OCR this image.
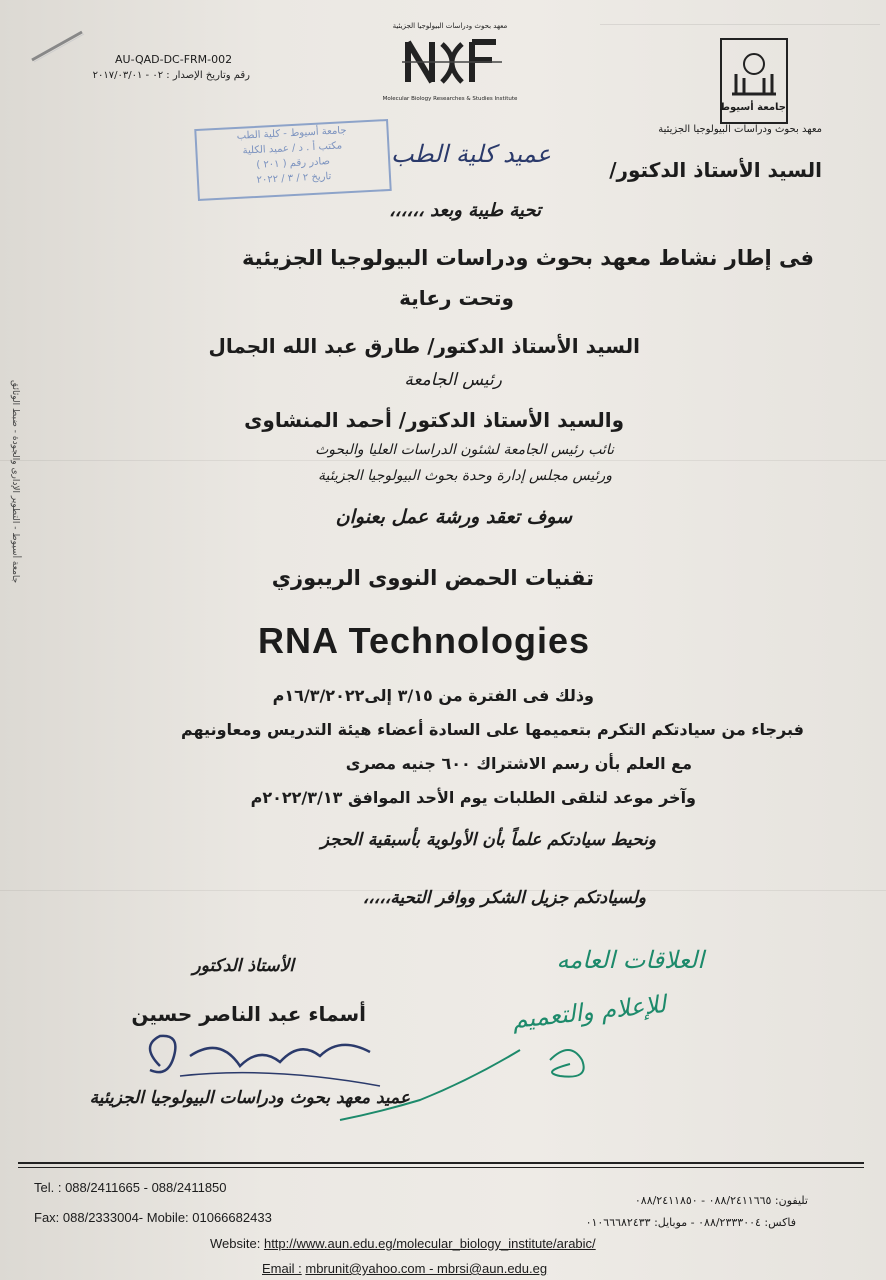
AU-QAD-DC-FRM-002
رقم وتاريخ الإصدار : ٠٢ - ٢٠١٧/٠٣/٠١
معهد بحوث ودراسات البيولوجيا الجزيئية
Molecular Biology Researches & Studies Institute
جامعة أسيوط
معهد بحوث ودراسات البيولوجيا الجزيئية
جامعة أسيوط - كلية الطب
مكتب أ . د / عميد الكلية
صادر رقم ( ٢٠١ )
تاريخ ٢ / ٣ / ٢٠٢٢
جامعة أسيوط - التطوير الإدارى والجودة - ضبط الوثائق
السيد الأستاذ الدكتور/
عميد كلية الطب
تحية طيبة وبعد ،،،،،،
فى إطار نشاط معهد بحوث ودراسات البيولوجيا الجزيئية
وتحت رعاية
السيد الأستاذ الدكتور/ طارق عبد الله الجمال
رئيس الجامعة
والسيد الأستاذ الدكتور/ أحمد المنشاوى
نائب رئيس الجامعة لشئون الدراسات العليا والبحوث
ورئيس مجلس إدارة وحدة بحوث البيولوجيا الجزيئية
سوف تعقد ورشة عمل بعنوان
تقنيات الحمض النووى الريبوزي
RNA Technologies
وذلك فى الفترة من ٣/١٥ إلى١٦/٣/٢٠٢٢م
فبرجاء من سيادتكم التكرم بتعميمها على السادة أعضاء هيئة التدريس ومعاونيهم
مع العلم بأن رسم الاشتراك ٦٠٠ جنيه مصرى
وآخر موعد لتلقى الطلبات يوم الأحد الموافق ٢٠٢٢/٣/١٣م
ونحيط سيادتكم علماً بأن الأولوية بأسبقية الحجز
ولسيادتكم جزيل الشكر ووافر التحية،،،،،
العلاقات العامه
للإعلام والتعميم
الأستاذ الدكتور
أسماء عبد الناصر حسين
عميد معهد بحوث ودراسات البيولوجيا الجزيئية
Tel. : 088/2411665 - 088/2411850
Fax: 088/2333004- Mobile: 01066682433
تليفون: ٠٨٨/٢٤١١٦٦٥ - ٠٨٨/٢٤١١٨٥٠
فاكس: ٠٨٨/٢٣٣٣٠٠٤ - موبايل: ٠١٠٦٦٦٨٢٤٣٣
Website: http://www.aun.edu.eg/molecular_biology_institute/arabic/
Email : mbrunit@yahoo.com - mbrsi@aun.edu.eg
